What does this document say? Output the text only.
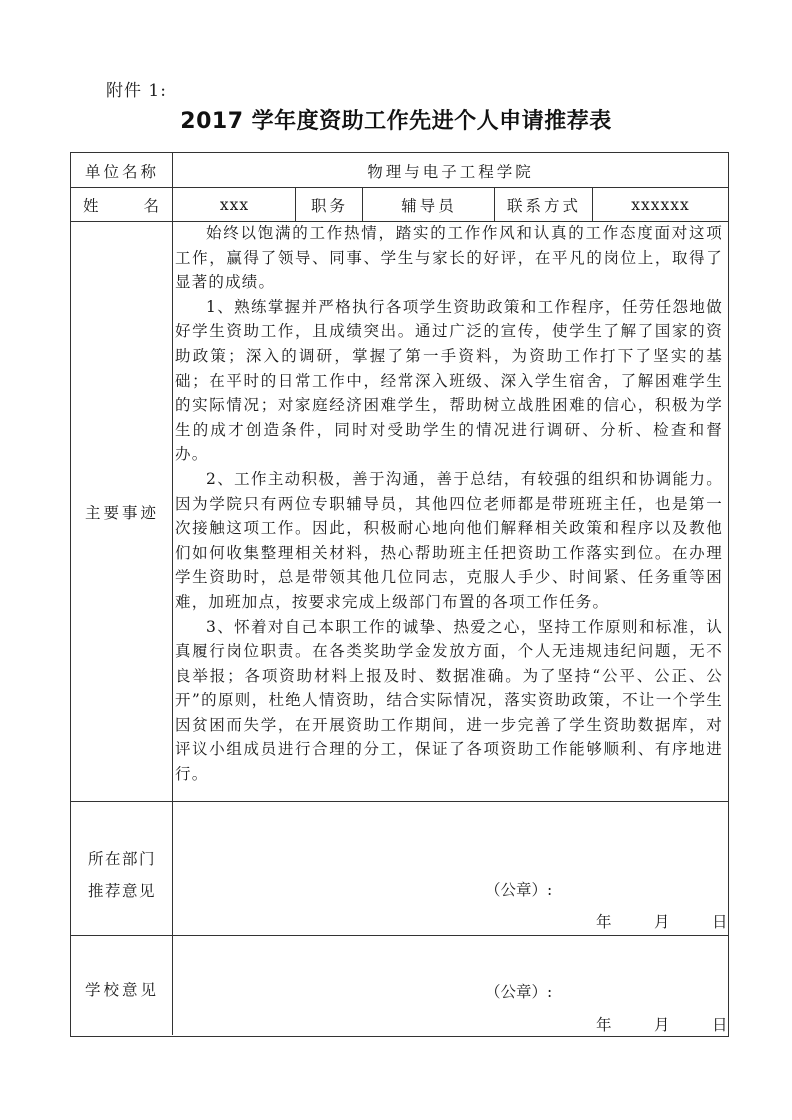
附件 1:
2017 学年度资助工作先进个人申请推荐表
单位名称	物理与电子工程学院
姓	名	xxx	职务	辅导员	联系方式	xxxxxx
主要事迹

始终以饱满的工作热情，踏实的工作作风和认真的工作态度面对这项工作，赢得了领导、同事、学生与家长的好评，在平凡的岗位上，取得了显著的成绩。

1、熟练掌握并严格执行各项学生资助政策和工作程序，任劳任怨地做好学生资助工作，且成绩突出。通过广泛的宣传，使学生了解了国家的资助政策；深入的调研，掌握了第一手资料，为资助工作打下了坚实的基础；在平时的日常工作中，经常深入班级、深入学生宿舍，了解困难学生的实际情况；对家庭经济困难学生，帮助树立战胜困难的信心，积极为学生的成才创造条件，同时对受助学生的情况进行调研、分析、检查和督办。

2、工作主动积极，善于沟通，善于总结，有较强的组织和协调能力。因为学院只有两位专职辅导员，其他四位老师都是带班班主任，也是第一次接触这项工作。因此，积极耐心地向他们解释相关政策和程序以及教他们如何收集整理相关材料，热心帮助班主任把资助工作落实到位。在办理学生资助时，总是带领其他几位同志，克服人手少、时间紧、任务重等困难，加班加点，按要求完成上级部门布置的各项工作任务。

3、怀着对自己本职工作的诚挚、热爱之心，坚持工作原则和标准，认真履行岗位职责。在各类奖助学金发放方面，个人无违规违纪问题，无不良举报；各项资助材料上报及时、数据准确。为了坚持“公平、公正、公开”的原则，杜绝人情资助，结合实际情况，落实资助政策，不让一个学生因贫困而失学，在开展资助工作期间，进一步完善了学生资助数据库，对评议小组成员进行合理的分工，保证了各项资助工作能够顺利、有序地进行。

所在部门
推荐意见	（公章）:
年	月	日
学校意见	（公章）:
年	月	日
